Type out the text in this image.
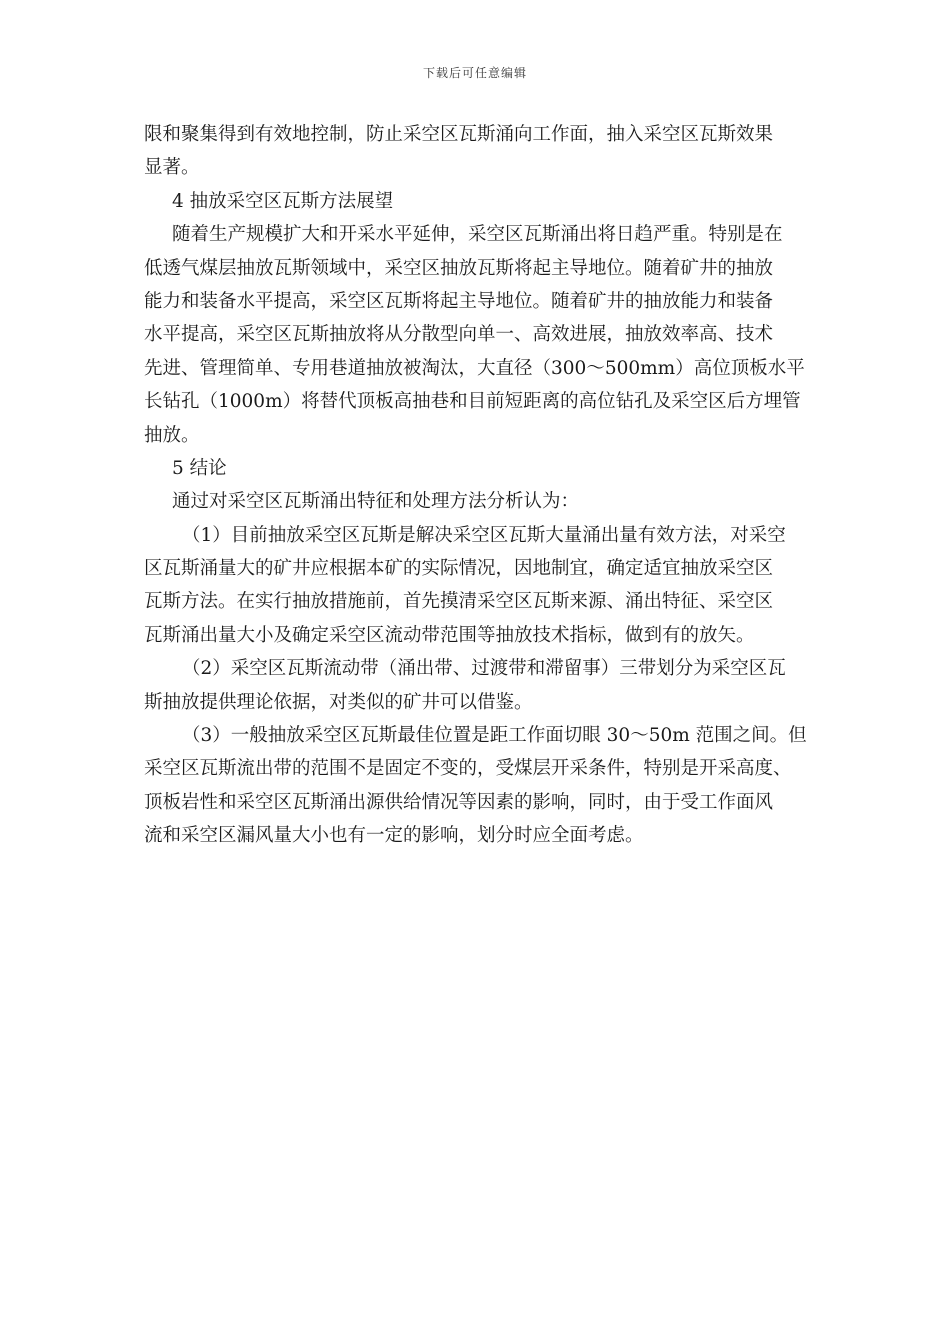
下载后可任意编辑
限和聚集得到有效地控制，防止采空区瓦斯涌向工作面，抽入采空区瓦斯效果
显著。
4 抽放采空区瓦斯方法展望
随着生产规模扩大和开采水平延伸，采空区瓦斯涌出将日趋严重。特别是在
低透气煤层抽放瓦斯领域中，采空区抽放瓦斯将起主导地位。随着矿井的抽放
能力和装备水平提高，采空区瓦斯将起主导地位。随着矿井的抽放能力和装备
水平提高，采空区瓦斯抽放将从分散型向单一、高效进展，抽放效率高、技术
先进、管理简单、专用巷道抽放被淘汰，大直径（300～500mm）高位顶板水平
长钻孔（1000m）将替代顶板高抽巷和目前短距离的高位钻孔及采空区后方埋管
抽放。
5 结论
通过对采空区瓦斯涌出特征和处理方法分析认为：
（1）目前抽放采空区瓦斯是解决采空区瓦斯大量涌出量有效方法，对采空
区瓦斯涌量大的矿井应根据本矿的实际情况，因地制宜，确定适宜抽放采空区
瓦斯方法。在实行抽放措施前，首先摸清采空区瓦斯来源、涌出特征、采空区
瓦斯涌出量大小及确定采空区流动带范围等抽放技术指标，做到有的放矢。
（2）采空区瓦斯流动带（涌出带、过渡带和滞留事）三带划分为采空区瓦
斯抽放提供理论依据，对类似的矿井可以借鉴。
（3）一般抽放采空区瓦斯最佳位置是距工作面切眼 30～50m 范围之间。但
采空区瓦斯流出带的范围不是固定不变的，受煤层开采条件，特别是开采高度、
顶板岩性和采空区瓦斯涌出源供给情况等因素的影响，同时，由于受工作面风
流和采空区漏风量大小也有一定的影响，划分时应全面考虑。
